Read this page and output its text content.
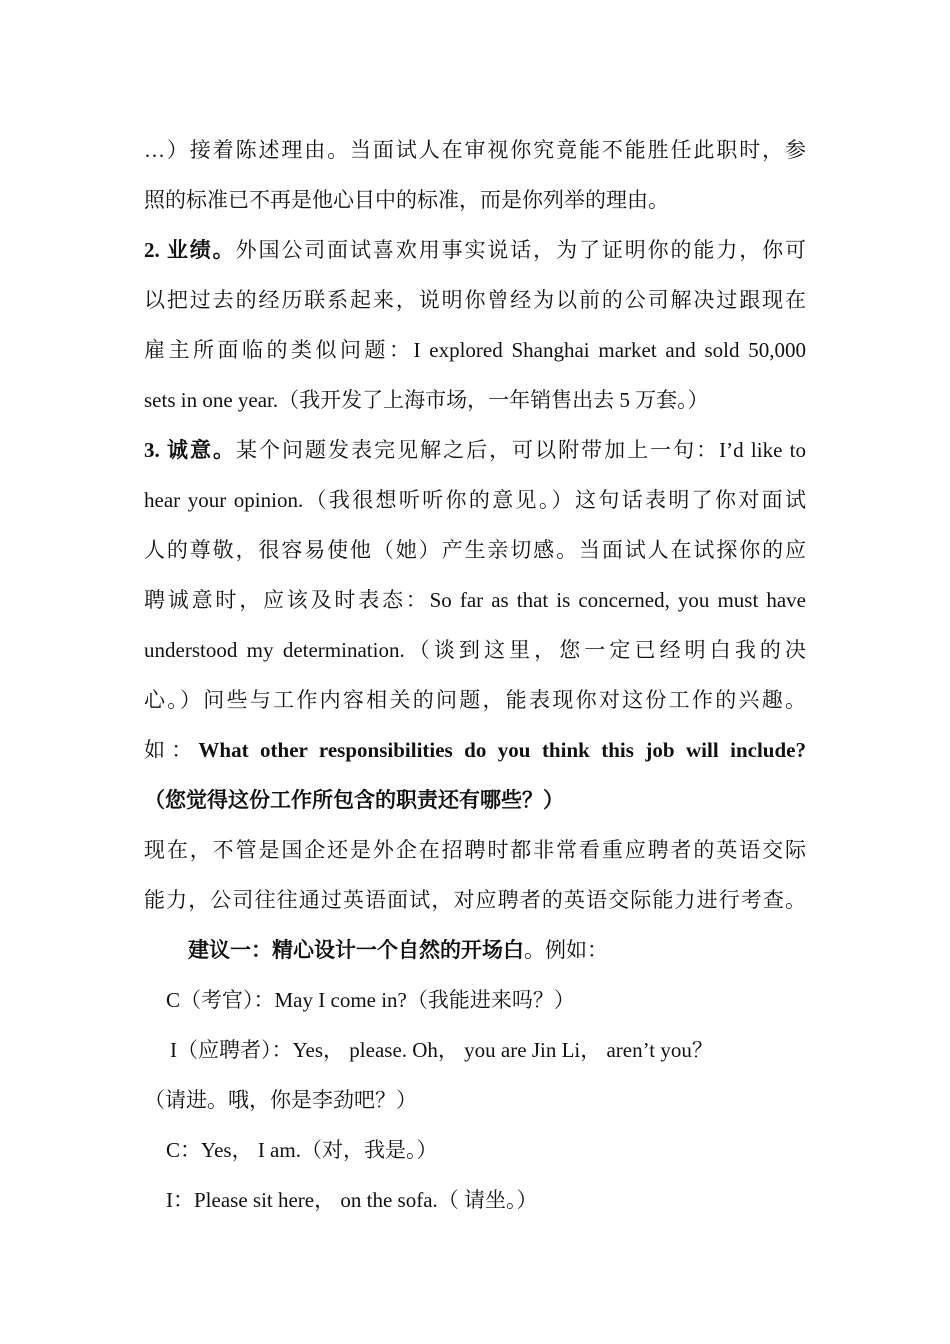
…）接着陈述理由。当面试人在审视你究竟能不能胜任此职时，参
照的标准已不再是他心目中的标准，而是你列举的理由。
2. 业绩。外国公司面试喜欢用事实说话，为了证明你的能力，你可
以把过去的经历联系起来，说明你曾经为以前的公司解决过跟现在
雇主所面临的类似问题：I explored Shanghai market and sold 50,000
sets in one year.（我开发了上海市场，一年销售出去 5 万套。）
3. 诚意。某个问题发表完见解之后，可以附带加上一句：I’d like to
hear your opinion.（我很想听听你的意见。）这句话表明了你对面试
人的尊敬，很容易使他（她）产生亲切感。当面试人在试探你的应
聘诚意时，应该及时表态：So far as that is concerned, you must have
understood my determination.（谈到这里，您一定已经明白我的决
心。）问些与工作内容相关的问题，能表现你对这份工作的兴趣。
如：What other responsibilities do you think this job will include?
（您觉得这份工作所包含的职责还有哪些？）
现在，不管是国企还是外企在招聘时都非常看重应聘者的英语交际
能力，公司往往通过英语面试，对应聘者的英语交际能力进行考查。
建议一：精心设计一个自然的开场白。例如：
C（考官）：May I come in?（我能进来吗？）
I（应聘者）：Yes， please. Oh， you are Jin Li， aren’t you？
（请进。哦，你是李劲吧？）
C：Yes， I am.（对，我是。）
I：Please sit here， on the sofa.（ 请坐。）
